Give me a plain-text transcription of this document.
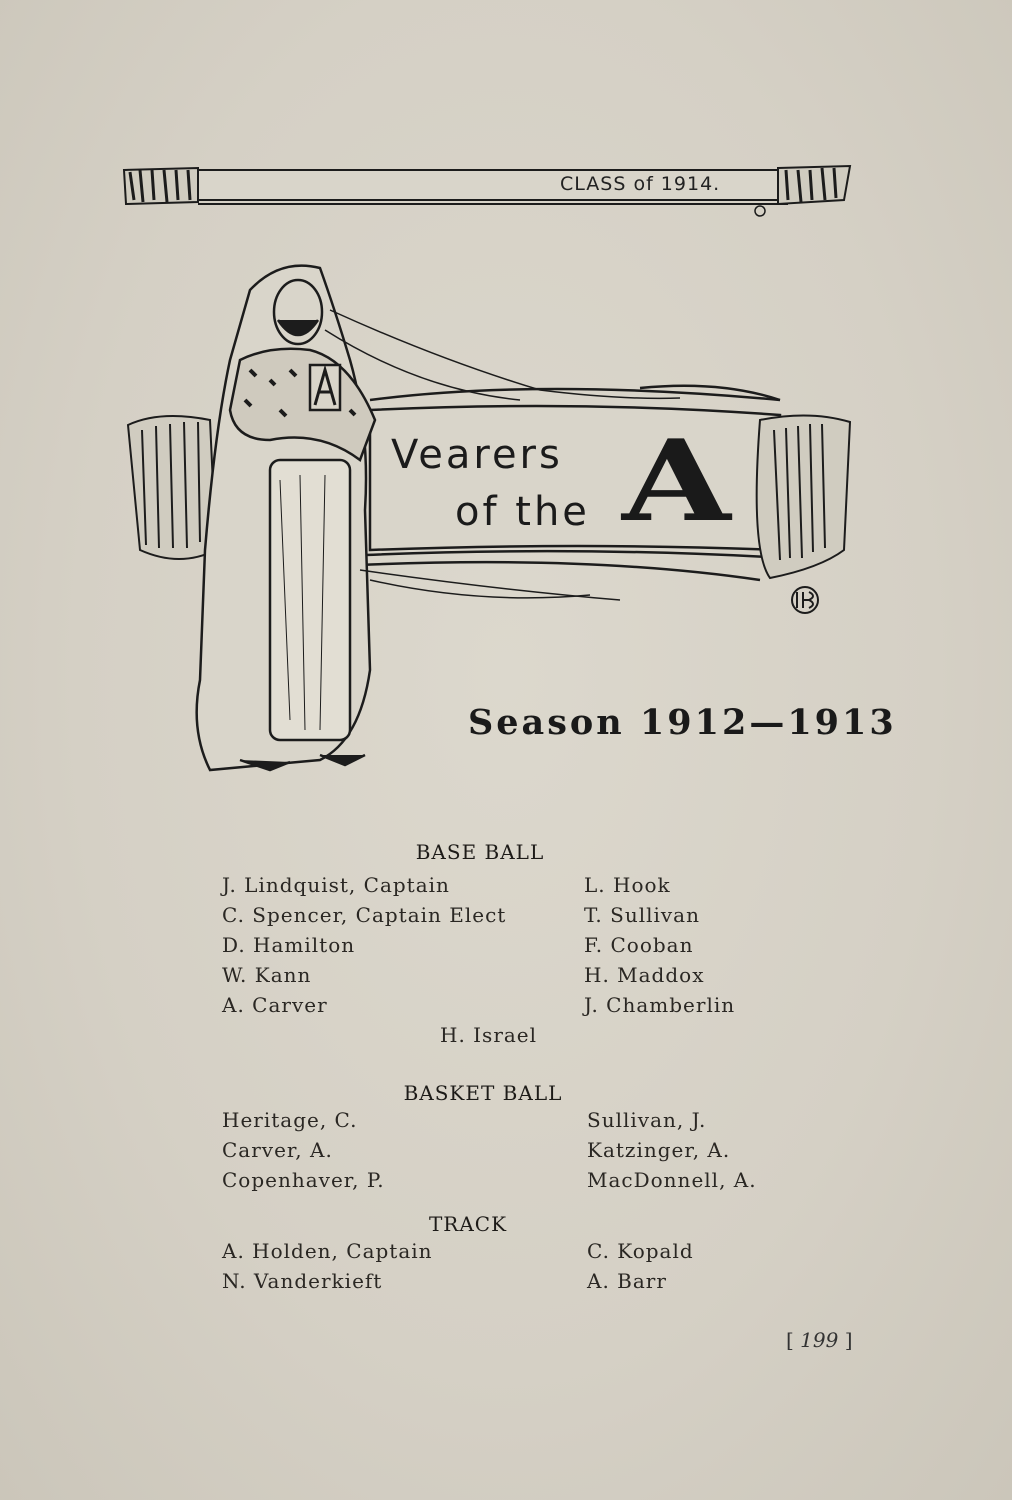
CLASS of 1914.
Vearers
of the A
Season 1912—1913
BASE BALL
J. Lindquist, Captain
C. Spencer, Captain Elect
D. Hamilton
W. Kann
A. Carver
L. Hook
T. Sullivan
F. Cooban
H. Maddox
J. Chamberlin
H. Israel
BASKET BALL
Heritage, C.
Carver, A.
Copenhaver, P.
Sullivan, J.
Katzinger, A.
MacDonnell, A.
TRACK
A. Holden, Captain
N. Vanderkieft
C. Kopald
A. Barr
[ 199 ]
